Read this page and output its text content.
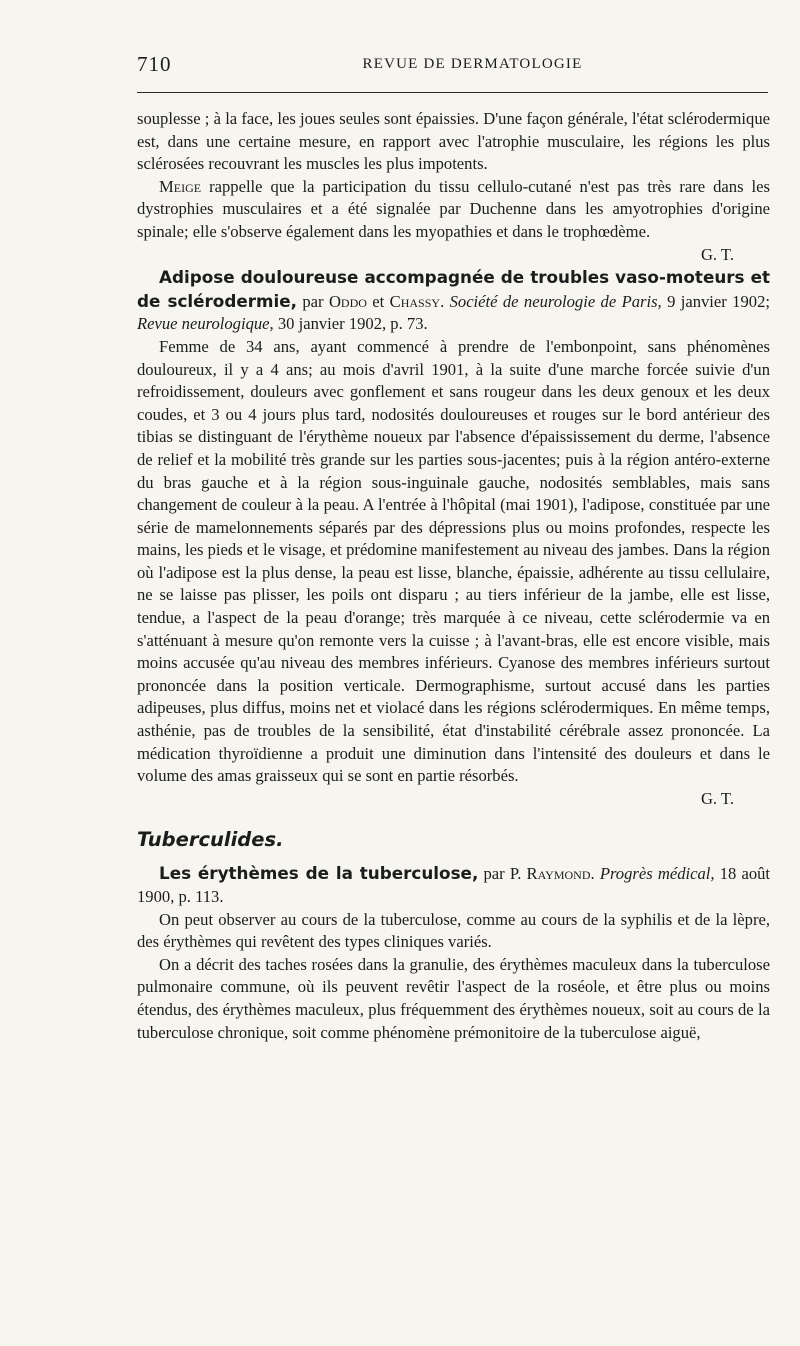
710	REVUE DE DERMATOLOGIE

souplesse ; à la face, les joues seules sont épaissies. D'une façon générale, l'état sclérodermique est, dans une certaine mesure, en rapport avec l'atrophie musculaire, les régions les plus sclérosées recouvrant les muscles les plus impotents.

Meige rappelle que la participation du tissu cellulo-cutané n'est pas très rare dans les dystrophies musculaires et a été signalée par Duchenne dans les amyotrophies d'origine spinale; elle s'observe également dans les myopathies et dans le trophœdème.

G. T.

Adipose douloureuse accompagnée de troubles vaso-moteurs et de sclérodermie, par Oddo et Chassy. Société de neurologie de Paris, 9 janvier 1902; Revue neurologique, 30 janvier 1902, p. 73.

Femme de 34 ans, ayant commencé à prendre de l'embonpoint, sans phénomènes douloureux, il y a 4 ans; au mois d'avril 1901, à la suite d'une marche forcée suivie d'un refroidissement, douleurs avec gonflement et sans rougeur dans les deux genoux et les deux coudes, et 3 ou 4 jours plus tard, nodosités douloureuses et rouges sur le bord antérieur des tibias se distinguant de l'érythème noueux par l'absence d'épaississement du derme, l'absence de relief et la mobilité très grande sur les parties sous-jacentes; puis à la région antéro-externe du bras gauche et à la région sous-inguinale gauche, nodosités semblables, mais sans changement de couleur à la peau. A l'entrée à l'hôpital (mai 1901), l'adipose, constituée par une série de mamelonnements séparés par des dépressions plus ou moins profondes, respecte les mains, les pieds et le visage, et prédomine manifestement au niveau des jambes. Dans la région où l'adipose est la plus dense, la peau est lisse, blanche, épaissie, adhérente au tissu cellulaire, ne se laisse pas plisser, les poils ont disparu ; au tiers inférieur de la jambe, elle est lisse, tendue, a l'aspect de la peau d'orange; très marquée à ce niveau, cette sclérodermie va en s'atténuant à mesure qu'on remonte vers la cuisse ; à l'avant-bras, elle est encore visible, mais moins accusée qu'au niveau des membres inférieurs. Cyanose des membres inférieurs surtout prononcée dans la position verticale. Dermographisme, surtout accusé dans les parties adipeuses, plus diffus, moins net et violacé dans les régions sclérodermiques. En même temps, asthénie, pas de troubles de la sensibilité, état d'instabilité cérébrale assez prononcée. La médication thyroïdienne a produit une diminution dans l'intensité des douleurs et dans le volume des amas graisseux qui se sont en partie résorbés.

G. T.

Tuberculides.

Les érythèmes de la tuberculose, par P. Raymond. Progrès médical, 18 août 1900, p. 113.

On peut observer au cours de la tuberculose, comme au cours de la syphilis et de la lèpre, des érythèmes qui revêtent des types cliniques variés.

On a décrit des taches rosées dans la granulie, des érythèmes maculeux dans la tuberculose pulmonaire commune, où ils peuvent revêtir l'aspect de la roséole, et être plus ou moins étendus, des érythèmes maculeux, plus fréquemment des érythèmes noueux, soit au cours de la tuberculose chronique, soit comme phénomène prémonitoire de la tuberculose aiguë,
